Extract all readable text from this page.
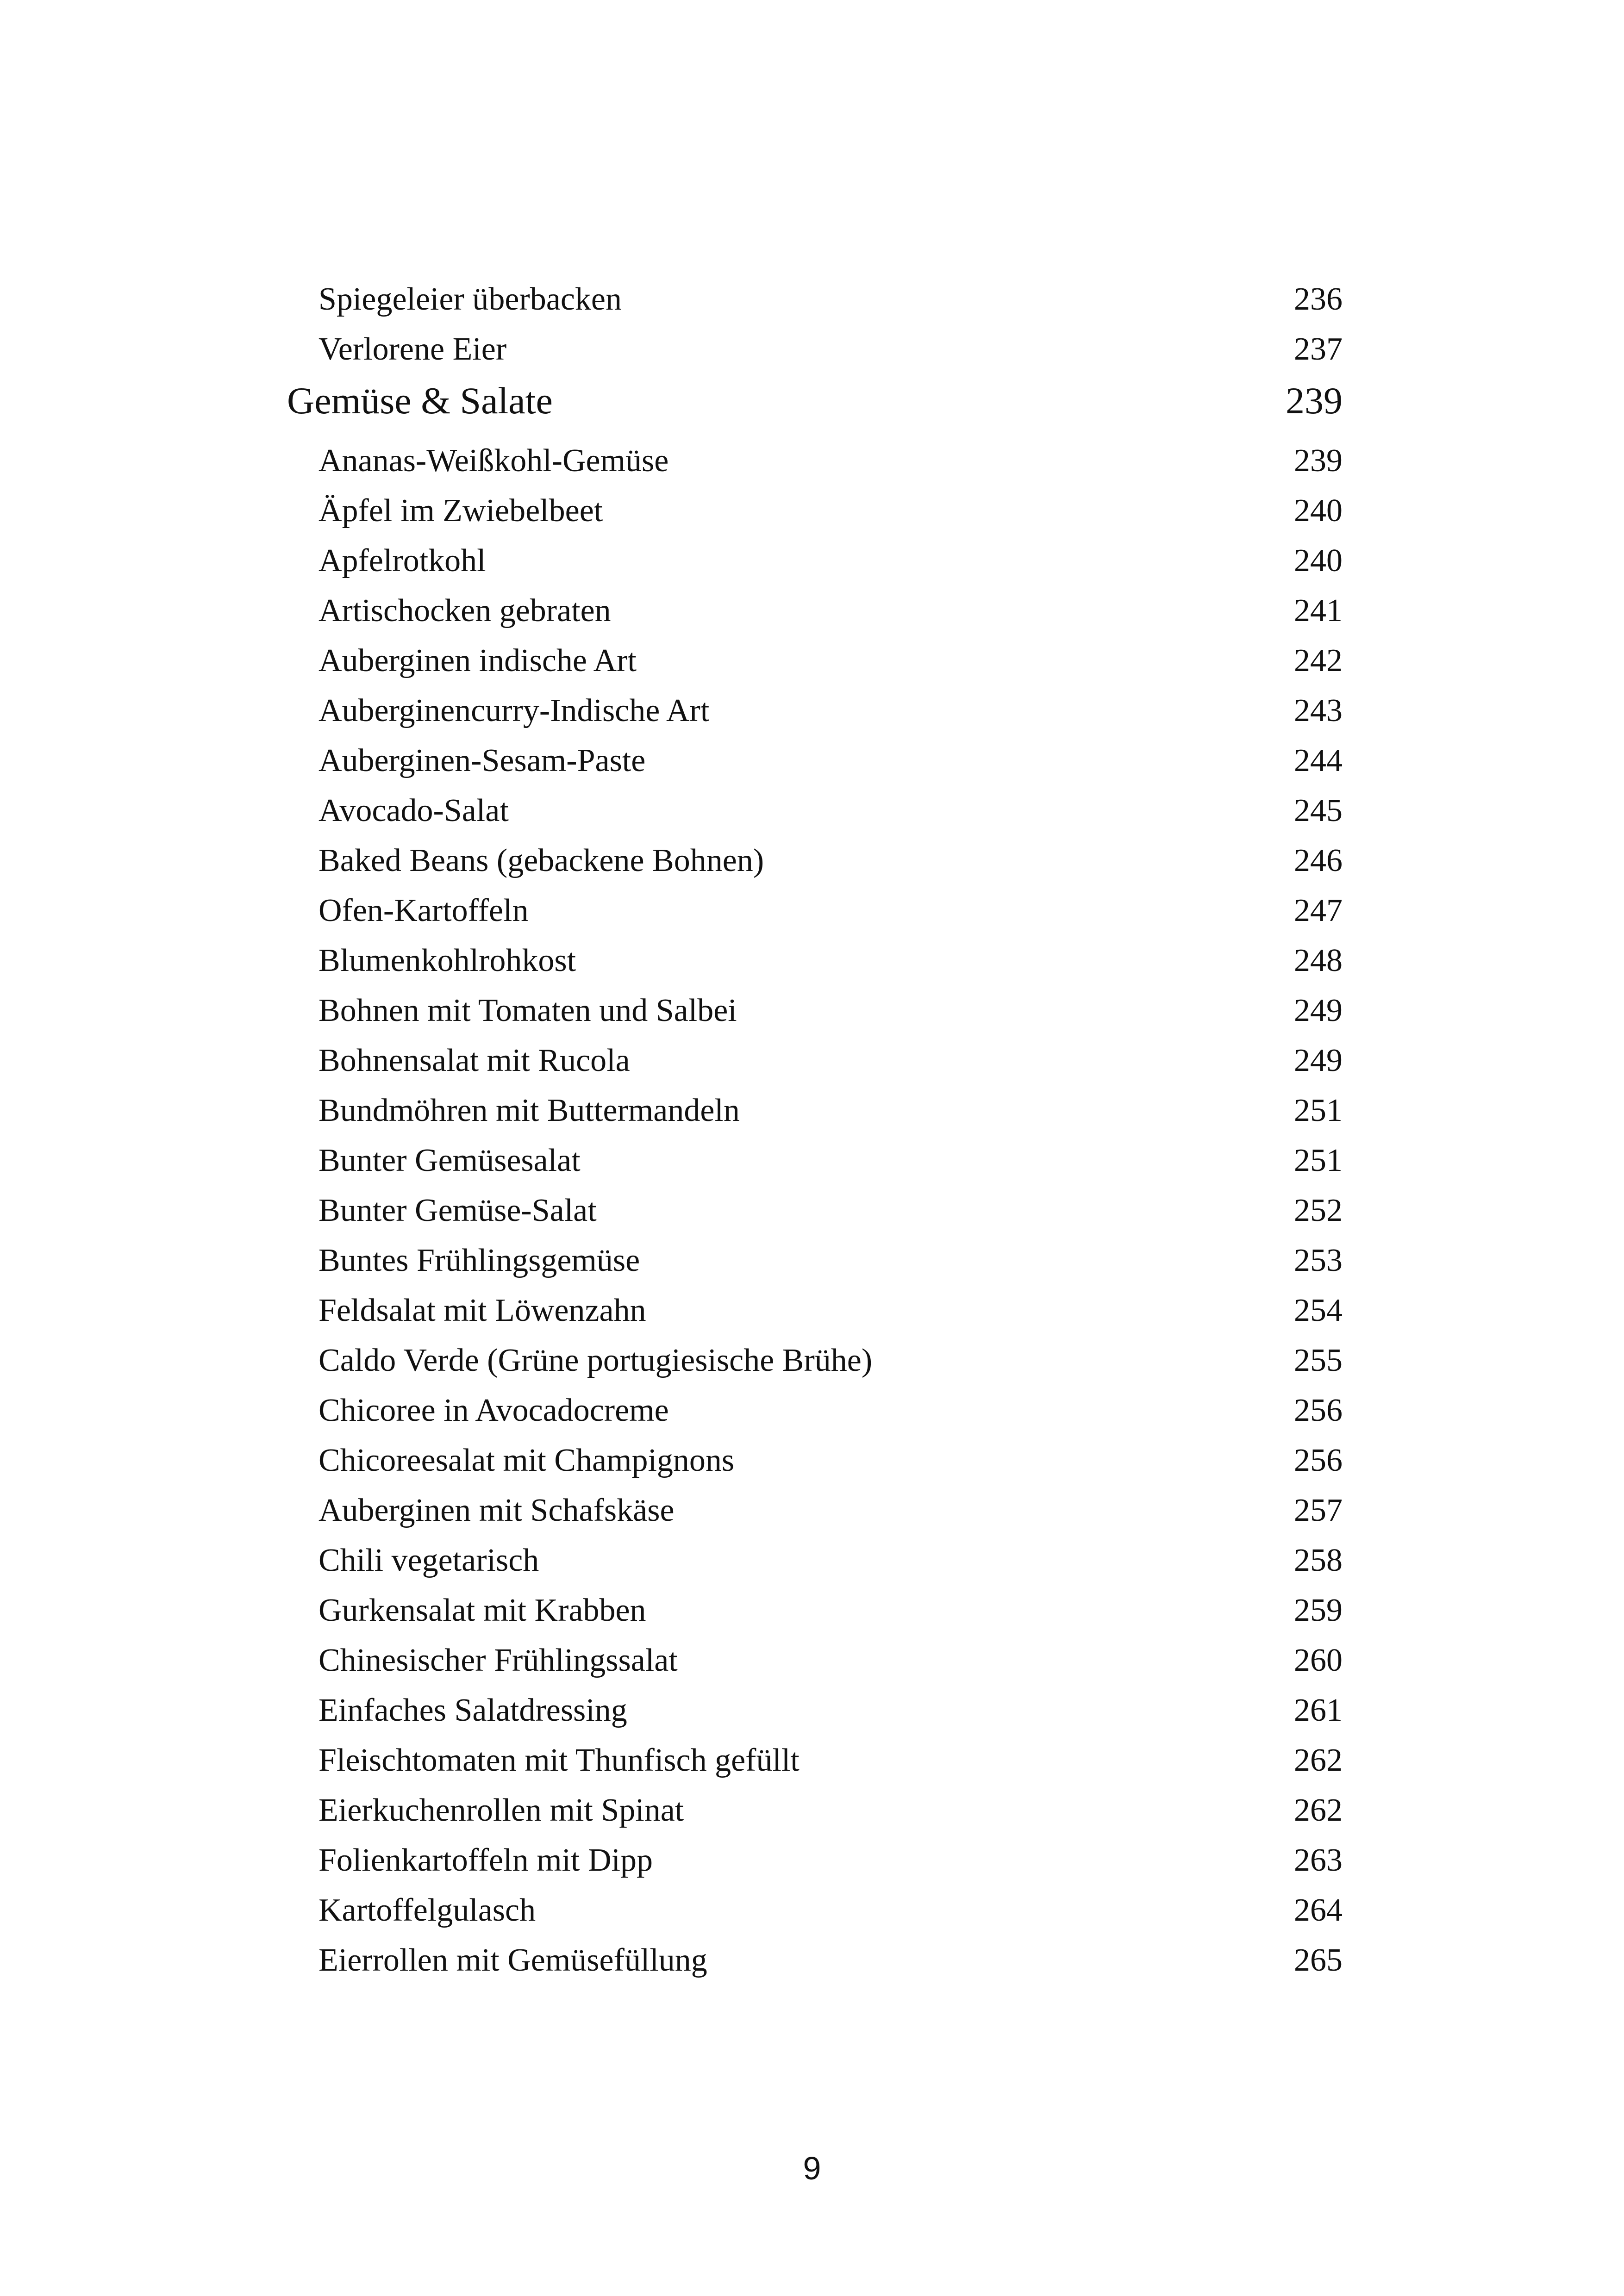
Spiegeleier überbacken	236
Verlorene Eier	237
Gemüse & Salate	239
Ananas-Weißkohl-Gemüse	239
Äpfel im Zwiebelbeet	240
Apfelrotkohl	240
Artischocken gebraten	241
Auberginen indische Art	242
Auberginencurry-Indische Art	243
Auberginen-Sesam-Paste	244
Avocado-Salat	245
Baked Beans (gebackene Bohnen)	246
Ofen-Kartoffeln	247
Blumenkohlrohkost	248
Bohnen mit Tomaten und Salbei	249
Bohnensalat mit Rucola	249
Bundmöhren mit Buttermandeln	251
Bunter Gemüsesalat	251
Bunter Gemüse-Salat	252
Buntes Frühlingsgemüse	253
Feldsalat mit Löwenzahn	254
Caldo Verde (Grüne portugiesische Brühe)	255
Chicoree in Avocadocreme	256
Chicoreesalat mit Champignons	256
Auberginen mit Schafskäse	257
Chili vegetarisch	258
Gurkensalat mit Krabben	259
Chinesischer Frühlingssalat	260
Einfaches Salatdressing	261
Fleischtomaten mit Thunfisch gefüllt	262
Eierkuchenrollen mit Spinat	262
Folienkartoffeln mit Dipp	263
Kartoffelgulasch	264
Eierrollen mit Gemüsefüllung	265
9
